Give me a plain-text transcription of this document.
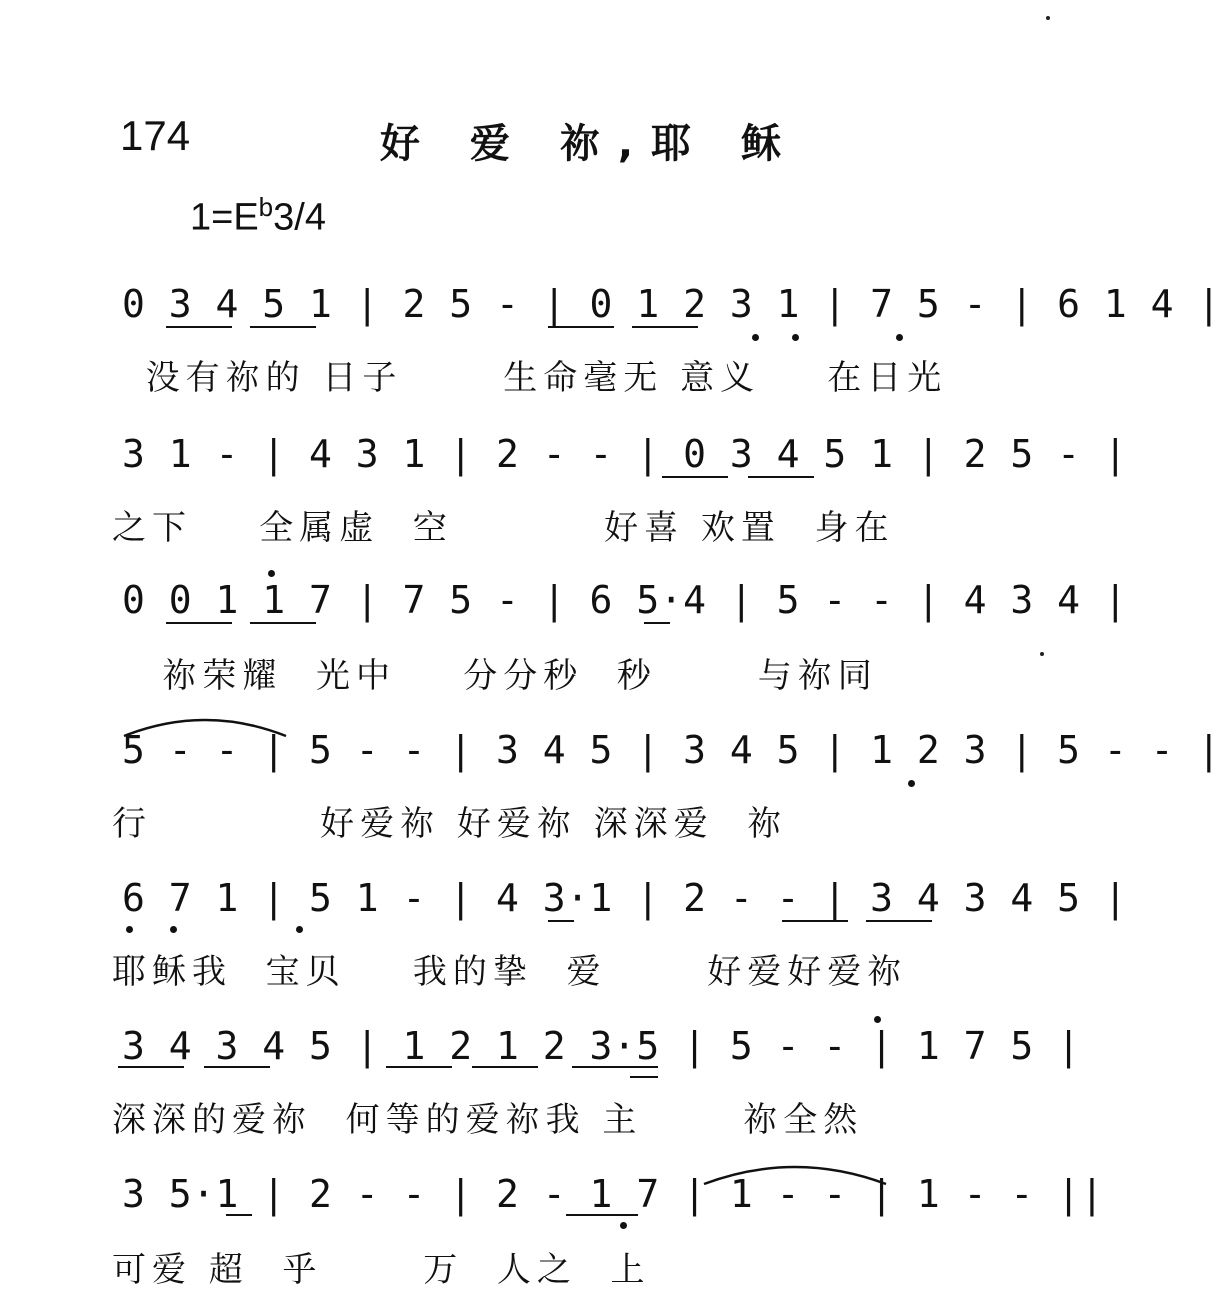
174	好 爱 祢,耶 稣
$1=E^b3/4$
0 3 4 5 1 | 2 5 - | 0 1 2 3 1 | 7 5 - | 6 1 4 |
没有祢的 日子      生命毫无 意义    在日光
3 1 - | 4 3 1 | 2 - - | 0 3 4 5 1 | 2 5 - |
之下    全属虚  空         好喜 欢置  身在
0 0 1 1 7 | 7 5 - | 6 5·4 | 5 - - | 4 3 4 |
祢荣耀  光中    分分秒  秒      与祢同
5 - - | 5 - - | 3 4 5 | 3 4 5 | 1 2 3 | 5 - - |
行          好爱祢 好爱祢 深深爱  祢
6 7 1 | 5 1 - | 4 3·1 | 2 - - | 3 4 3 4 5 |
耶稣我  宝贝    我的挚  爱      好爱好爱祢
3 4 3 4 5 | 1 2 1 2 3·5 | 5 - - | 1 7 5 |
深深的爱祢  何等的爱祢我 主      祢全然
3 5·1 | 2 - - | 2 - 1 7 | 1 - - | 1 - - ||
可爱 超  乎      万  人之  上
